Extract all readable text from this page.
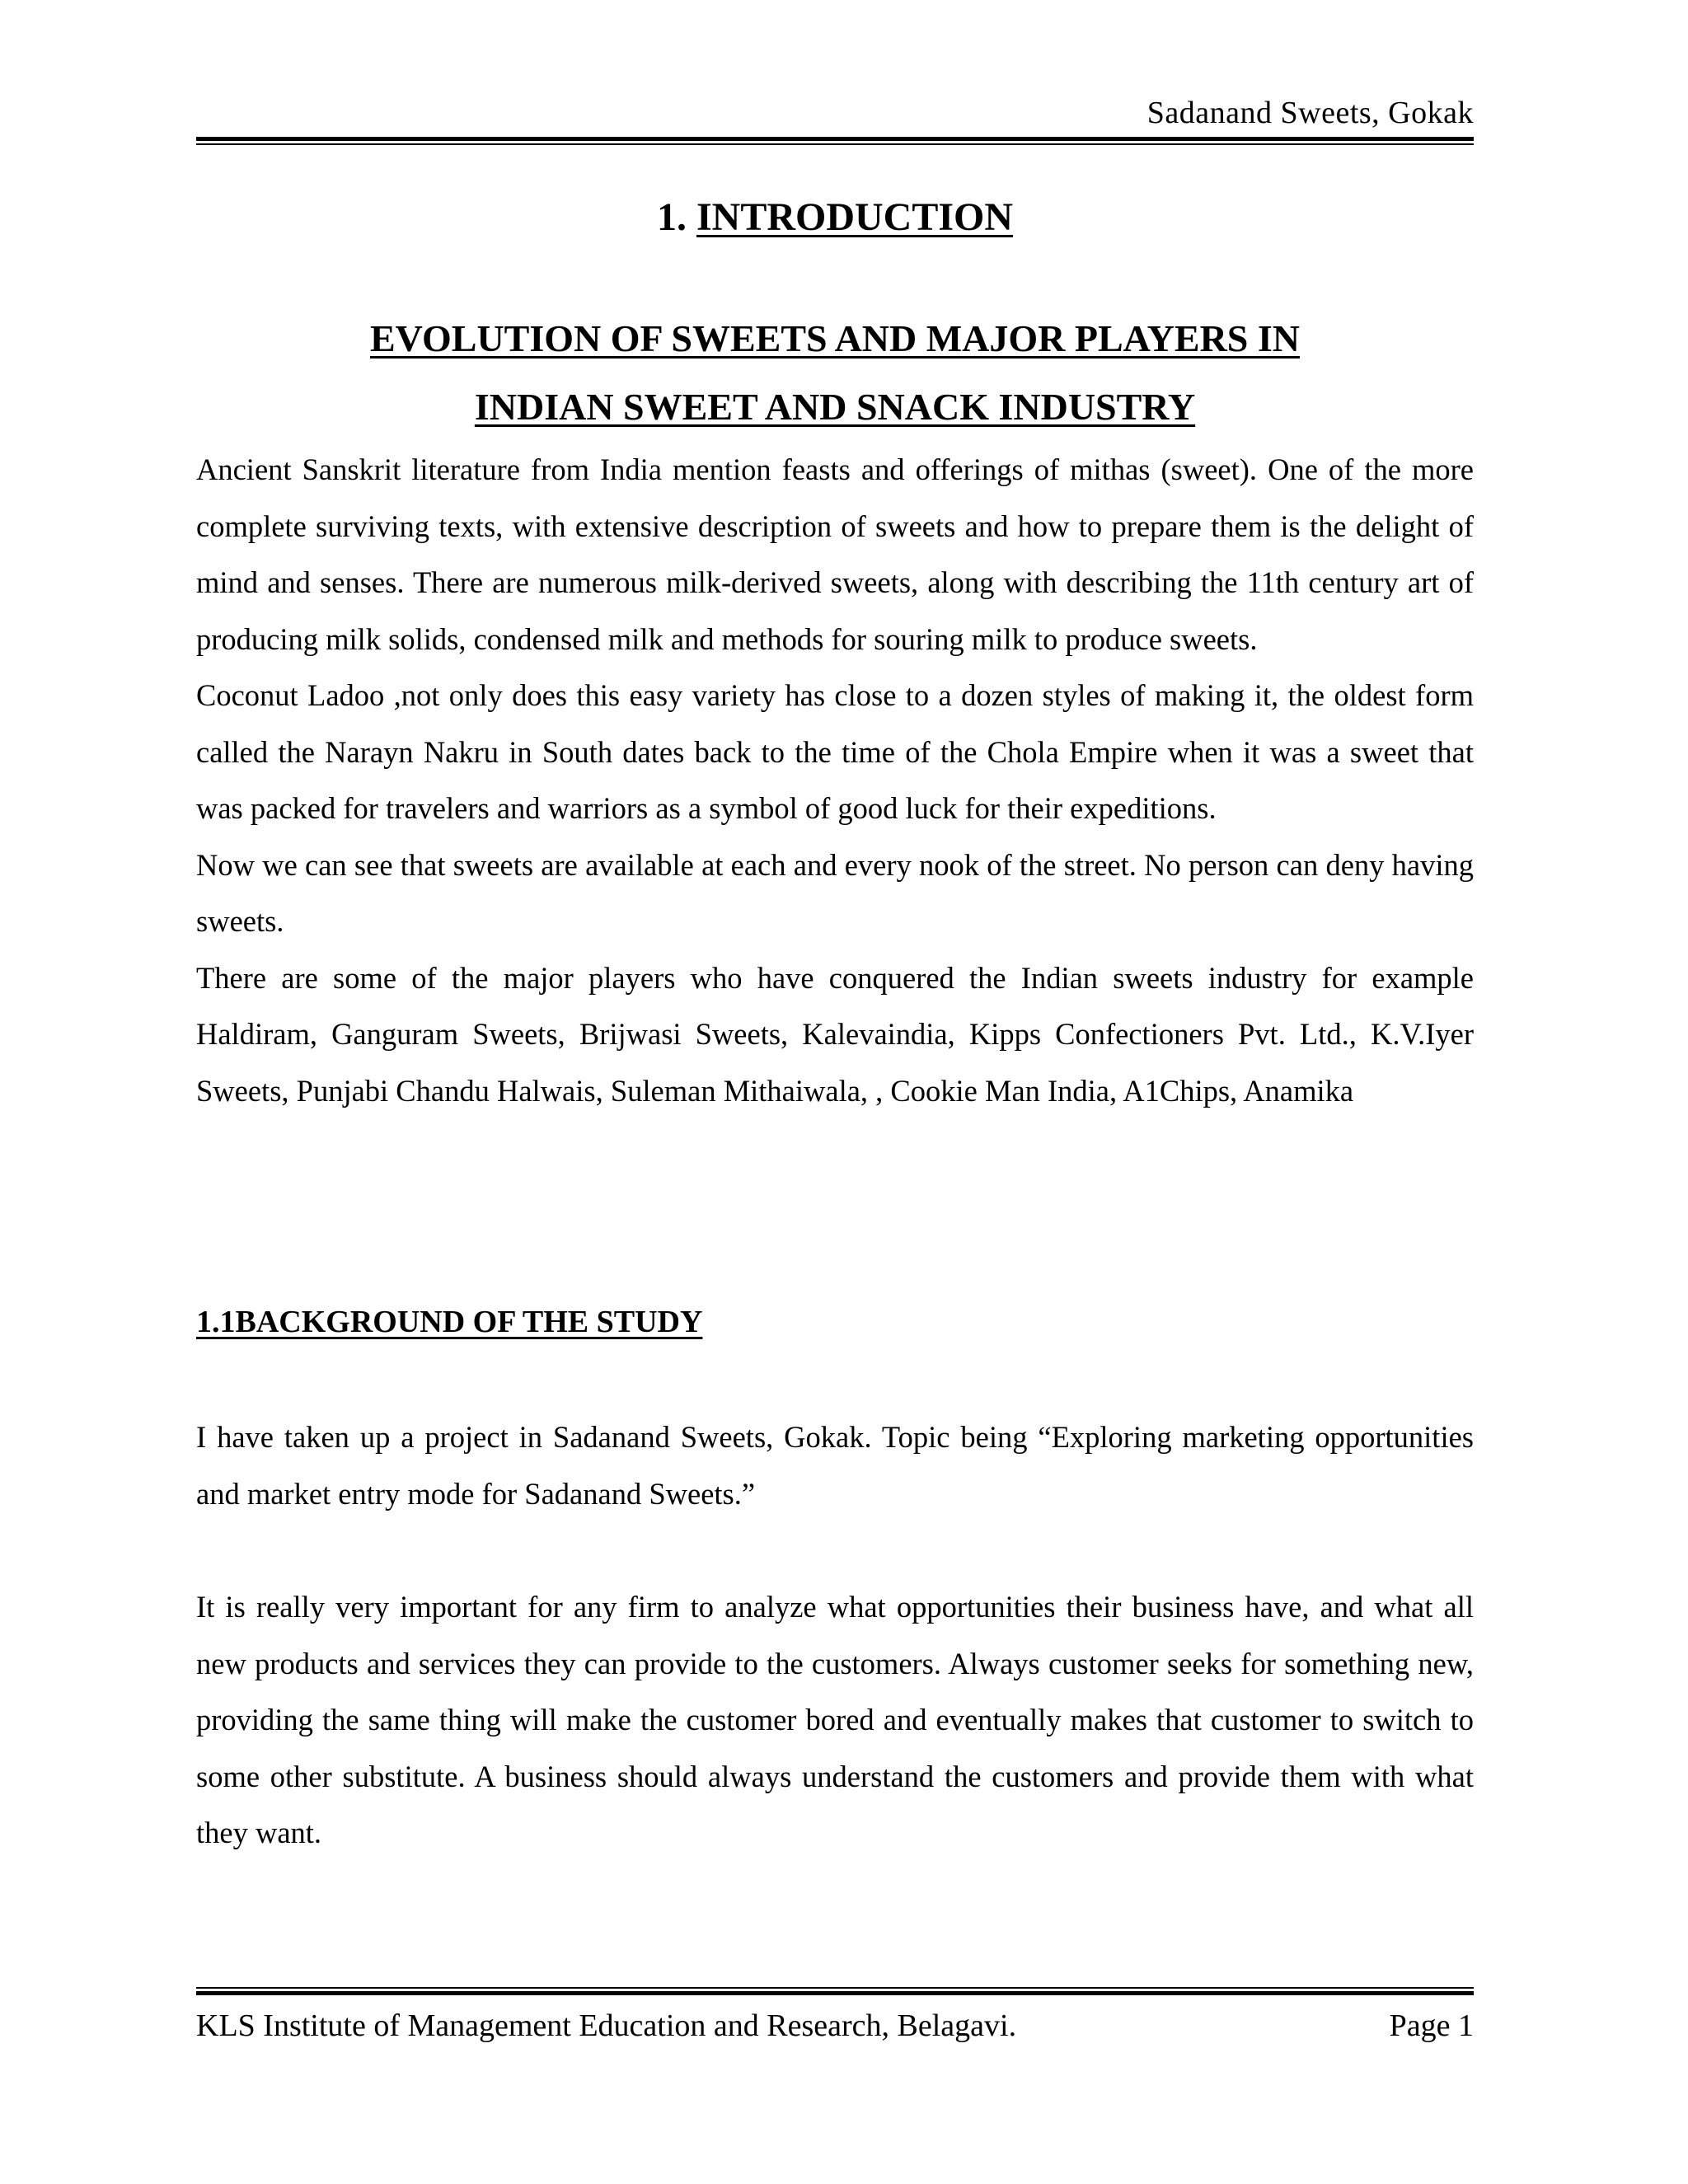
Sadanand Sweets, Gokak
1. INTRODUCTION
EVOLUTION OF SWEETS AND MAJOR PLAYERS IN
INDIAN SWEET AND SNACK INDUSTRY

Ancient Sanskrit literature from India mention feasts and offerings of mithas (sweet). One of the more complete surviving texts, with extensive description of sweets and how to prepare them is the delight of mind and senses. There are numerous milk-derived sweets, along with describing the 11th century art of producing milk solids, condensed milk and methods for souring milk to produce sweets.

Coconut Ladoo ,not only does this easy variety has close to a dozen styles of making it, the oldest form called the Narayn Nakru in South dates back to the time of the Chola Empire when it was a sweet that was packed for travelers and warriors as a symbol of good luck for their expeditions.

Now we can see that sweets are available at each and every nook of the street. No person can deny having sweets.

There are some of the major players who have conquered the Indian sweets industry for example Haldiram, Ganguram Sweets, Brijwasi Sweets, Kalevaindia, Kipps Confectioners Pvt. Ltd., K.V.Iyer Sweets, Punjabi Chandu Halwais, Suleman Mithaiwala, , Cookie Man India, A1Chips, Anamika

1.1BACKGROUND OF THE STUDY
I have taken up a project in Sadanand Sweets, Gokak. Topic being “Exploring marketing opportunities and market entry mode for Sadanand Sweets.”
It is really very important for any firm to analyze what opportunities their business have, and what all new products and services they can provide to the customers. Always customer seeks for something new, providing the same thing will make the customer bored and eventually makes that customer to switch to some other substitute. A business should always understand the customers and provide them with what they want.
KLS Institute of Management Education and Research, Belagavi.	Page 1
